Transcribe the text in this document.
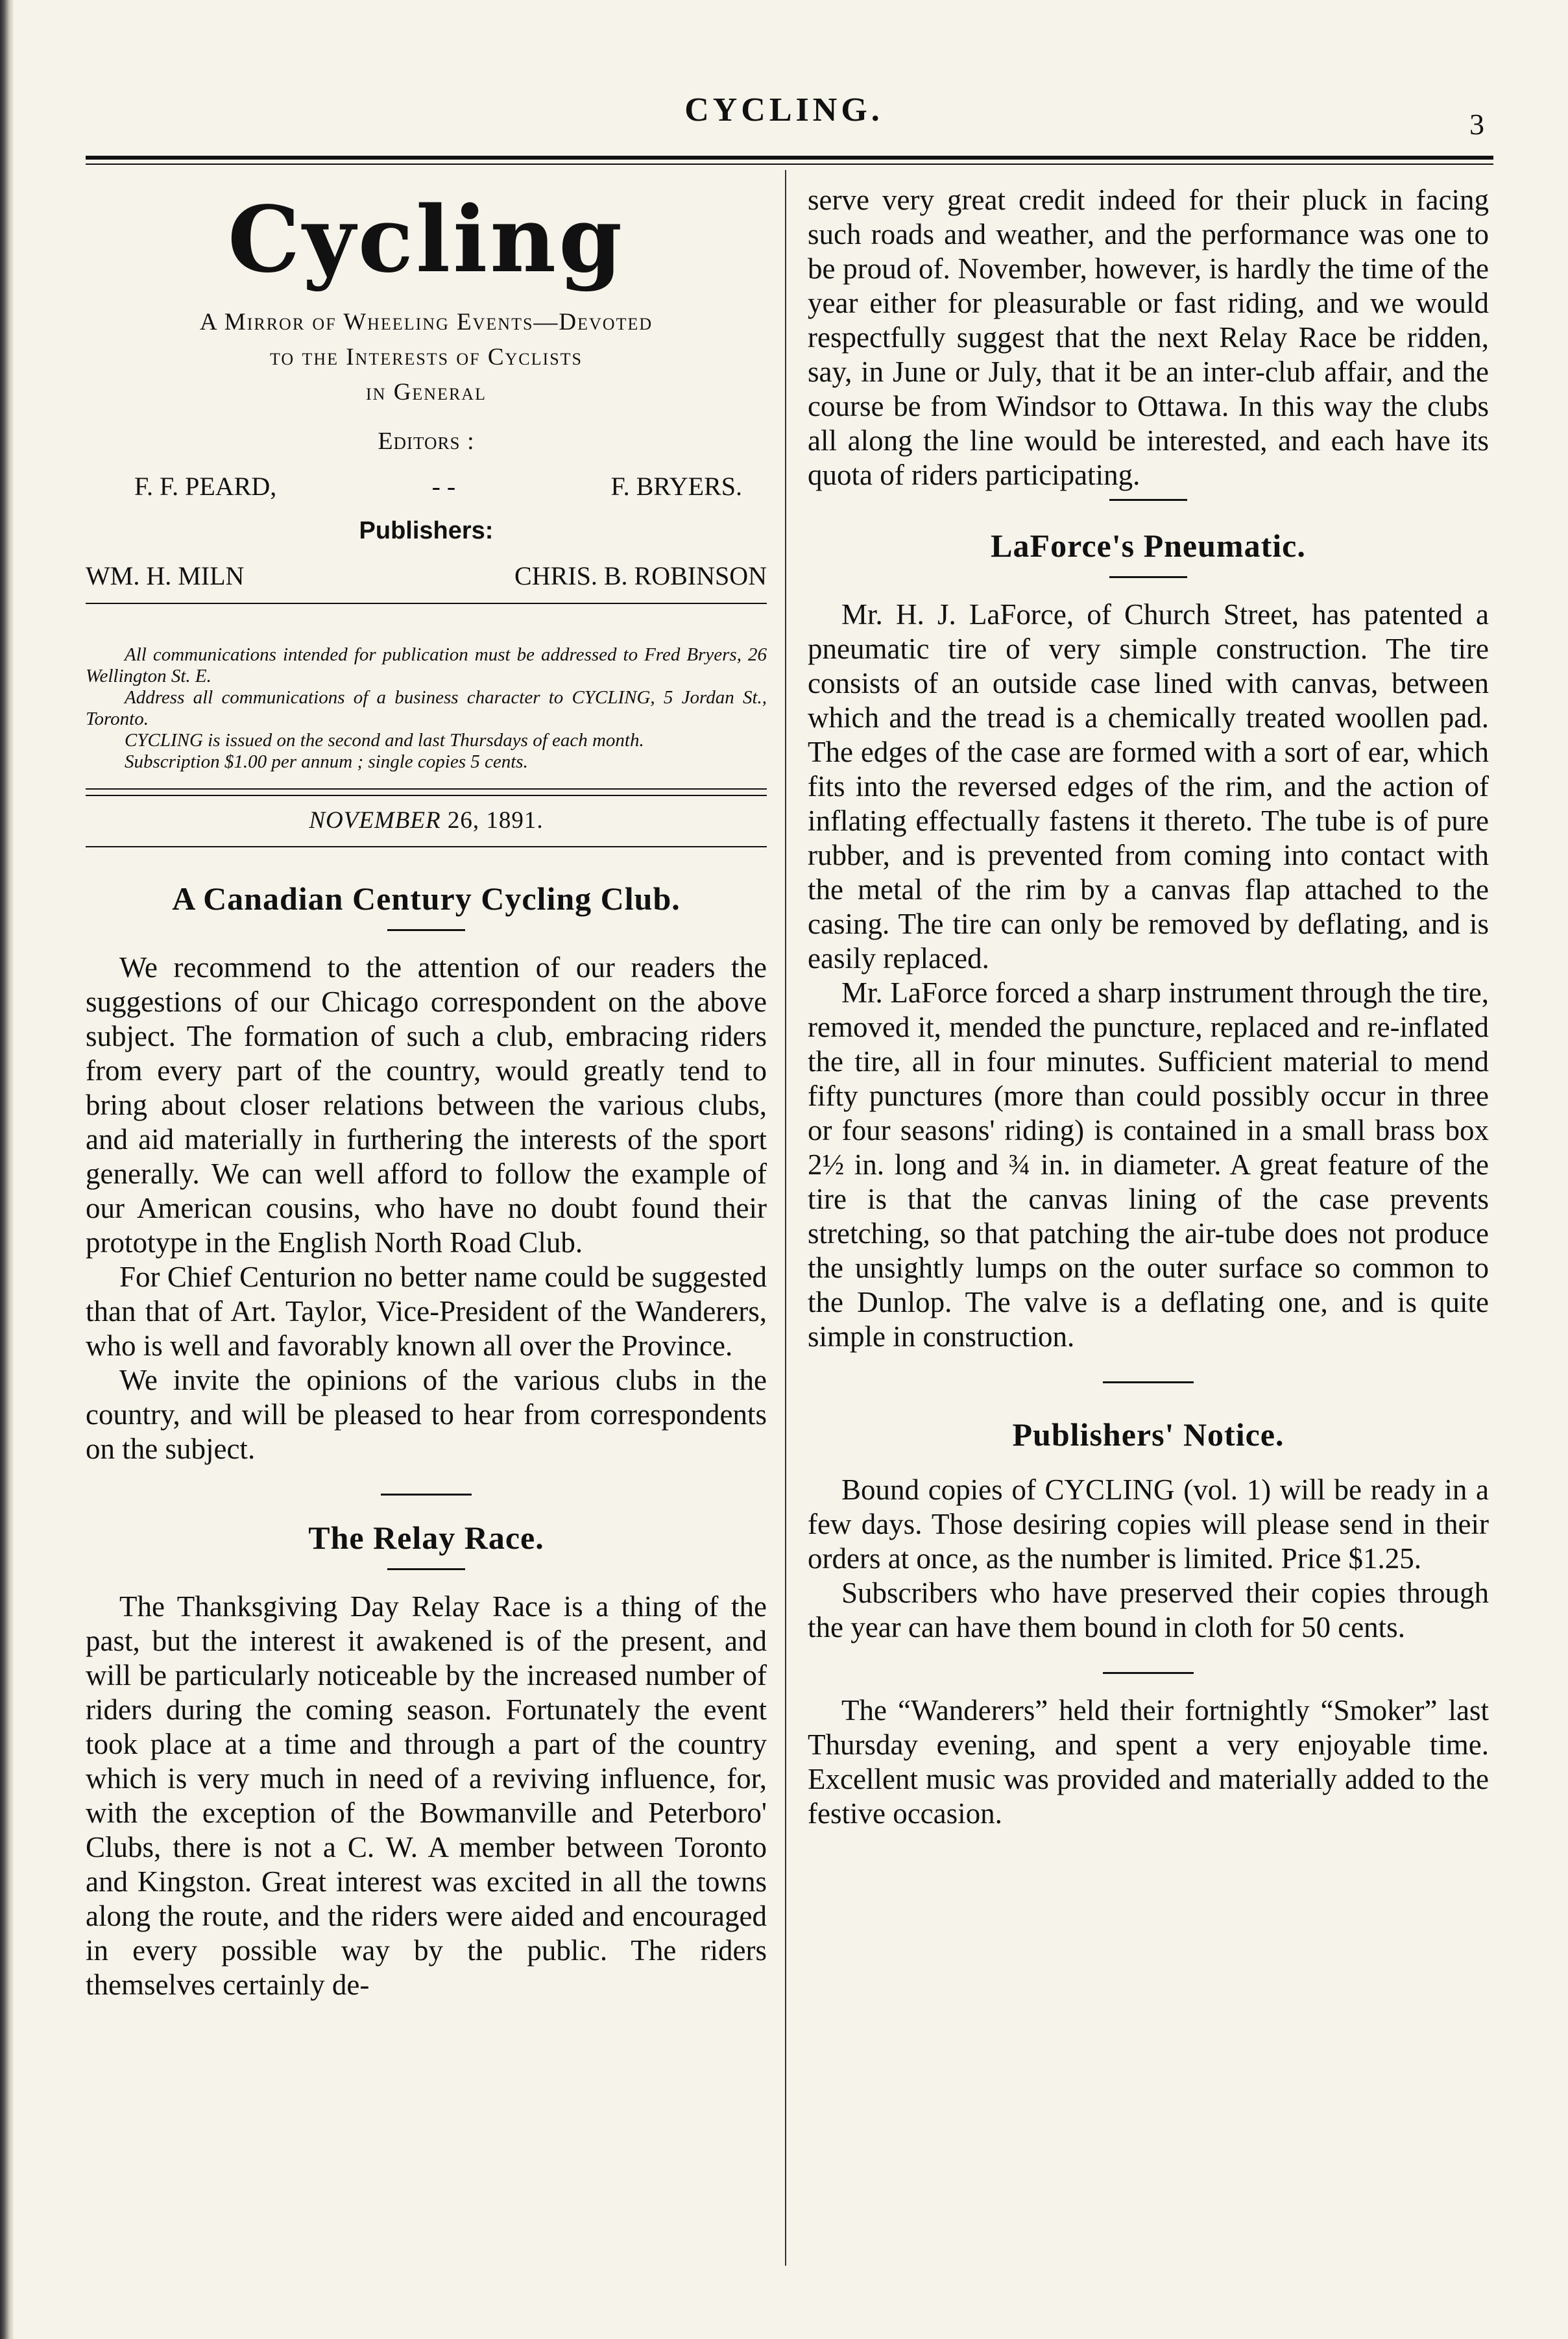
CYCLING.	3
Cycling
A Mirror of Wheeling Events—Devoted
to the Interests of Cyclists
in General
Editors :
F. F. PEARD,	- -	F. BRYERS.
Publishers:
WM. H. MILN	CHRIS. B. ROBINSON

All communications intended for publication must be addressed to Fred Bryers, 26 Wellington St. E.

Address all communications of a business character to CYCLING, 5 Jordan St., Toronto.

CYCLING is issued on the second and last Thursdays of each month.

Subscription $1.00 per annum ; single copies 5 cents.

NOVEMBER 26, 1891.
A Canadian Century Cycling Club.

We recommend to the attention of our readers the suggestions of our Chicago correspondent on the above subject. The formation of such a club, embracing riders from every part of the country, would greatly tend to bring about closer relations between the various clubs, and aid materially in furthering the interests of the sport generally. We can well afford to follow the example of our American cousins, who have no doubt found their prototype in the English North Road Club.

For Chief Centurion no better name could be suggested than that of Art. Taylor, Vice-President of the Wanderers, who is well and favorably known all over the Province.

We invite the opinions of the various clubs in the country, and will be pleased to hear from correspondents on the subject.

The Relay Race.

The Thanksgiving Day Relay Race is a thing of the past, but the interest it awakened is of the present, and will be particularly noticeable by the increased number of riders during the coming season. Fortunately the event took place at a time and through a part of the country which is very much in need of a reviving influence, for, with the exception of the Bowmanville and Peterboro' Clubs, there is not a C. W. A member between Toronto and Kingston. Great interest was excited in all the towns along the route, and the riders were aided and encouraged in every possible way by the public. The riders themselves certainly de-

serve very great credit indeed for their pluck in facing such roads and weather, and the performance was one to be proud of. November, however, is hardly the time of the year either for pleasurable or fast riding, and we would respectfully suggest that the next Relay Race be ridden, say, in June or July, that it be an inter-club affair, and the course be from Windsor to Ottawa. In this way the clubs all along the line would be interested, and each have its quota of riders participating.

LaForce's Pneumatic.

Mr. H. J. LaForce, of Church Street, has patented a pneumatic tire of very simple construction. The tire consists of an outside case lined with canvas, between which and the tread is a chemically treated woollen pad. The edges of the case are formed with a sort of ear, which fits into the reversed edges of the rim, and the action of inflating effectually fastens it thereto. The tube is of pure rubber, and is prevented from coming into contact with the metal of the rim by a canvas flap attached to the casing. The tire can only be removed by deflating, and is easily replaced.

Mr. LaForce forced a sharp instrument through the tire, removed it, mended the puncture, replaced and re-inflated the tire, all in four minutes. Sufficient material to mend fifty punctures (more than could possibly occur in three or four seasons' riding) is contained in a small brass box 2½ in. long and ¾ in. in diameter. A great feature of the tire is that the canvas lining of the case prevents stretching, so that patching the air-tube does not produce the unsightly lumps on the outer surface so common to the Dunlop. The valve is a deflating one, and is quite simple in construction.

Publishers' Notice.

Bound copies of CYCLING (vol. 1) will be ready in a few days. Those desiring copies will please send in their orders at once, as the number is limited. Price $1.25.

Subscribers who have preserved their copies through the year can have them bound in cloth for 50 cents.

The “Wanderers” held their fortnightly “Smoker” last Thursday evening, and spent a very enjoyable time. Excellent music was provided and materially added to the festive occasion.
